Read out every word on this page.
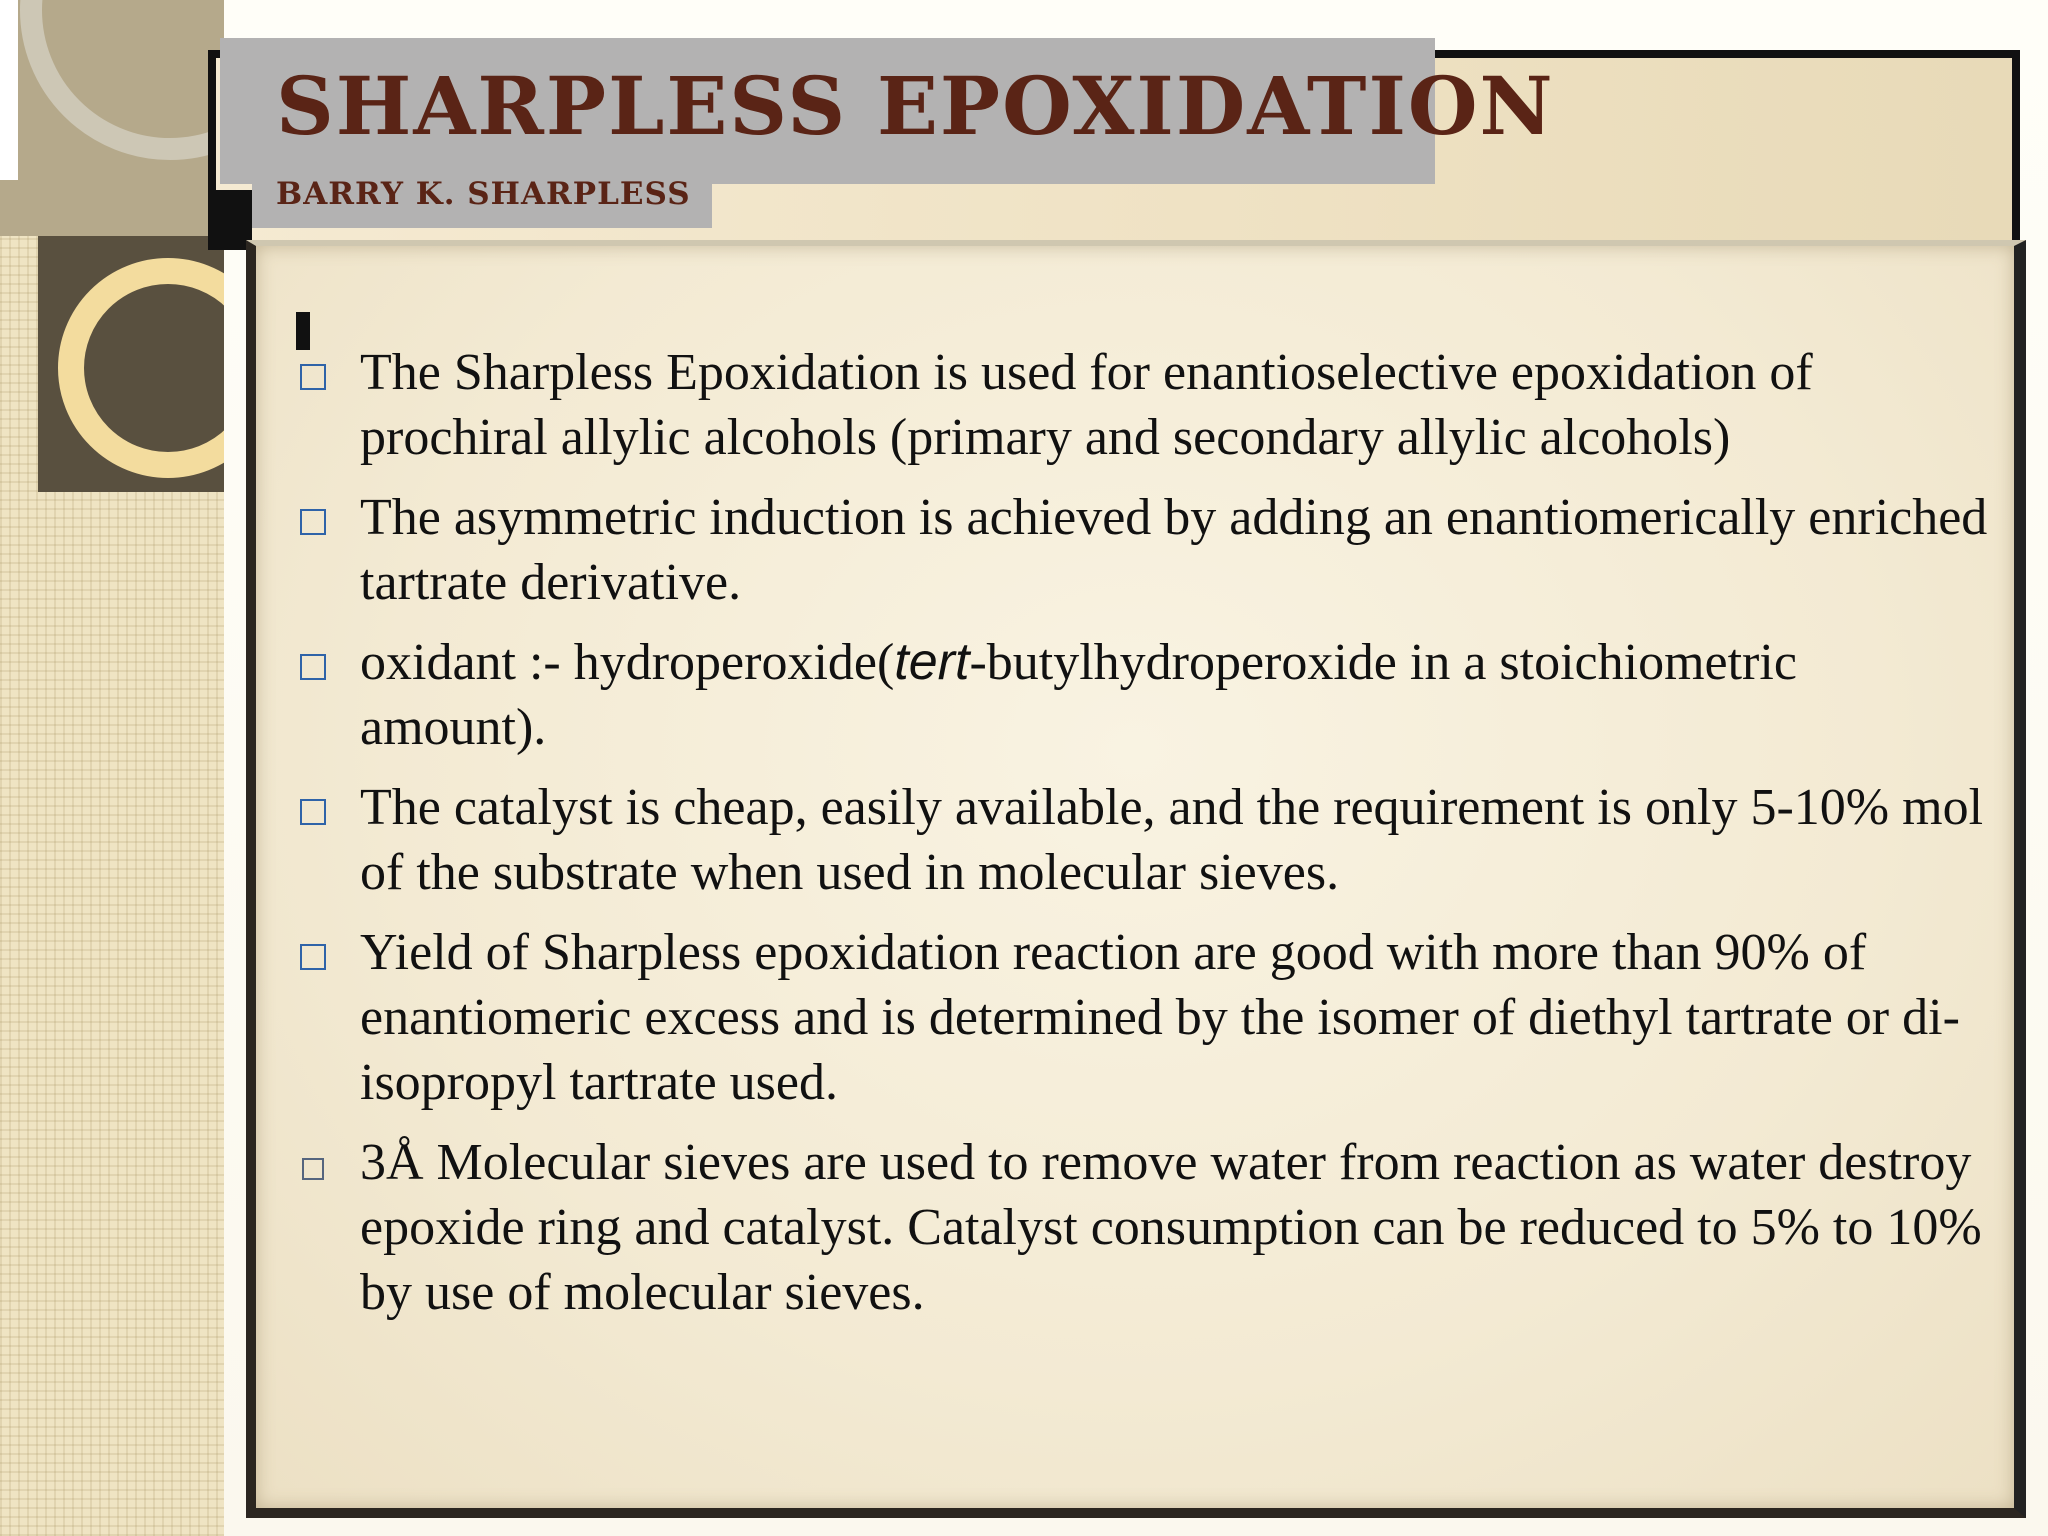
SHARPLESS EPOXIDATION
BARRY K. SHARPLESS
The Sharpless Epoxidation is used for enantioselective epoxidation of prochiral allylic alcohols (primary and secondary allylic alcohols)
The asymmetric induction is achieved by adding an enantiomerically enriched tartrate derivative.
oxidant :- hydroperoxide(tert-butylhydroperoxide in a stoichiometric amount).
The catalyst is cheap, easily available, and the requirement is only 5-10% mol of the substrate when used in molecular sieves.
Yield of Sharpless epoxidation reaction are good with more than 90% of enantiomeric excess and is determined by the isomer of diethyl tartrate or di-isopropyl tartrate used.
3Å Molecular sieves are used to remove water from reaction as water destroy epoxide ring and catalyst. Catalyst consumption can be reduced to 5% to 10% by use of molecular sieves.
